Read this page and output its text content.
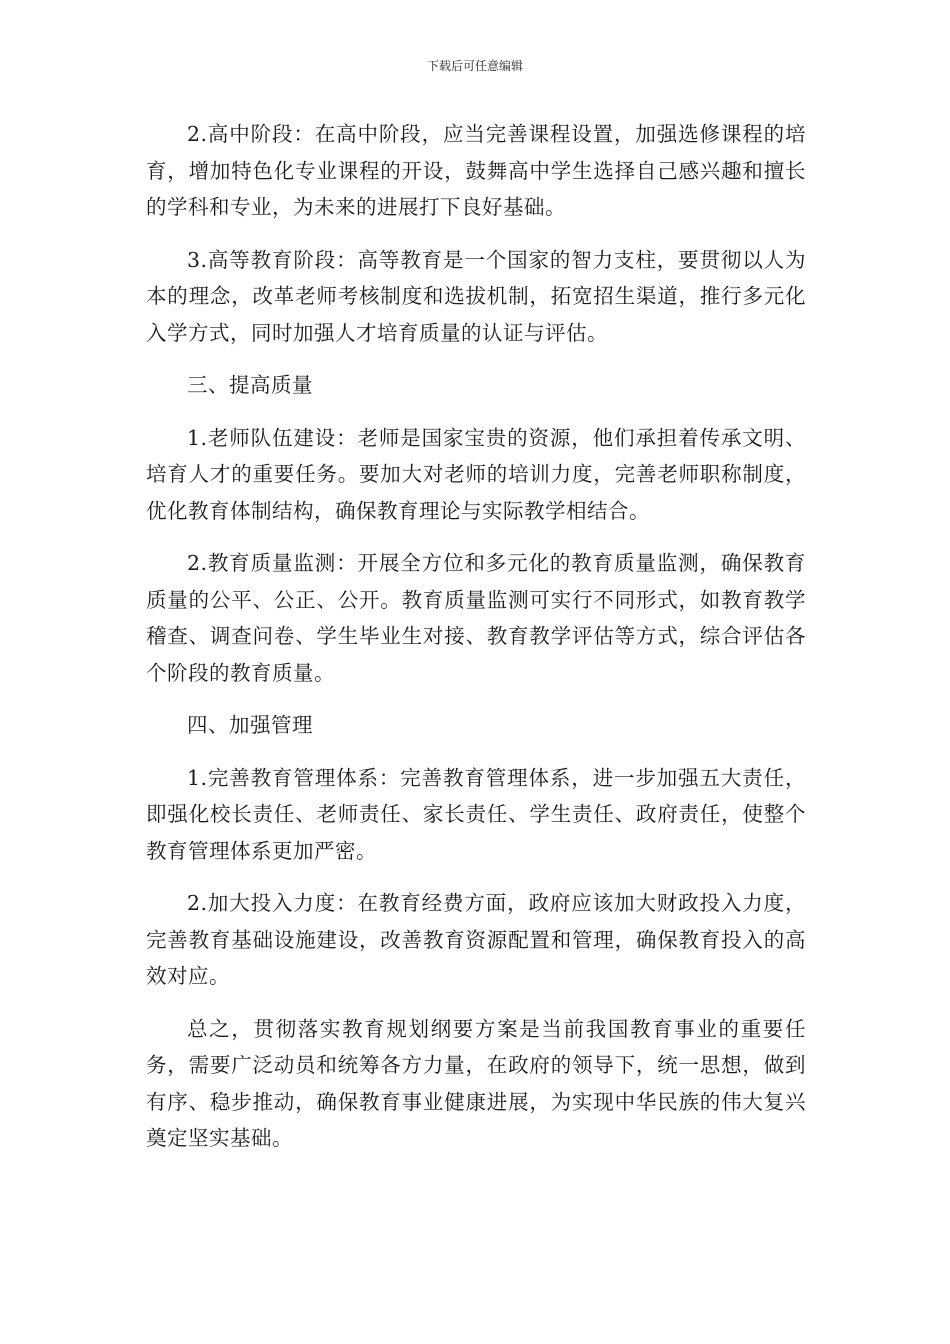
下载后可任意编辑

2.高中阶段：在高中阶段，应当完善课程设置，加强选修课程的培育，增加特色化专业课程的开设，鼓舞高中学生选择自己感兴趣和擅长的学科和专业，为未来的进展打下良好基础。

3.高等教育阶段：高等教育是一个国家的智力支柱，要贯彻以人为本的理念，改革老师考核制度和选拔机制，拓宽招生渠道，推行多元化入学方式，同时加强人才培育质量的认证与评估。

三、提高质量

1.老师队伍建设：老师是国家宝贵的资源，他们承担着传承文明、培育人才的重要任务。要加大对老师的培训力度，完善老师职称制度，优化教育体制结构，确保教育理论与实际教学相结合。

2.教育质量监测：开展全方位和多元化的教育质量监测，确保教育质量的公平、公正、公开。教育质量监测可实行不同形式，如教育教学稽查、调查问卷、学生毕业生对接、教育教学评估等方式，综合评估各个阶段的教育质量。

四、加强管理

1.完善教育管理体系：完善教育管理体系，进一步加强五大责任，即强化校长责任、老师责任、家长责任、学生责任、政府责任，使整个教育管理体系更加严密。

2.加大投入力度：在教育经费方面，政府应该加大财政投入力度，完善教育基础设施建设，改善教育资源配置和管理，确保教育投入的高效对应。

总之，贯彻落实教育规划纲要方案是当前我国教育事业的重要任务，需要广泛动员和统筹各方力量，在政府的领导下，统一思想，做到有序、稳步推动，确保教育事业健康进展，为实现中华民族的伟大复兴奠定坚实基础。
